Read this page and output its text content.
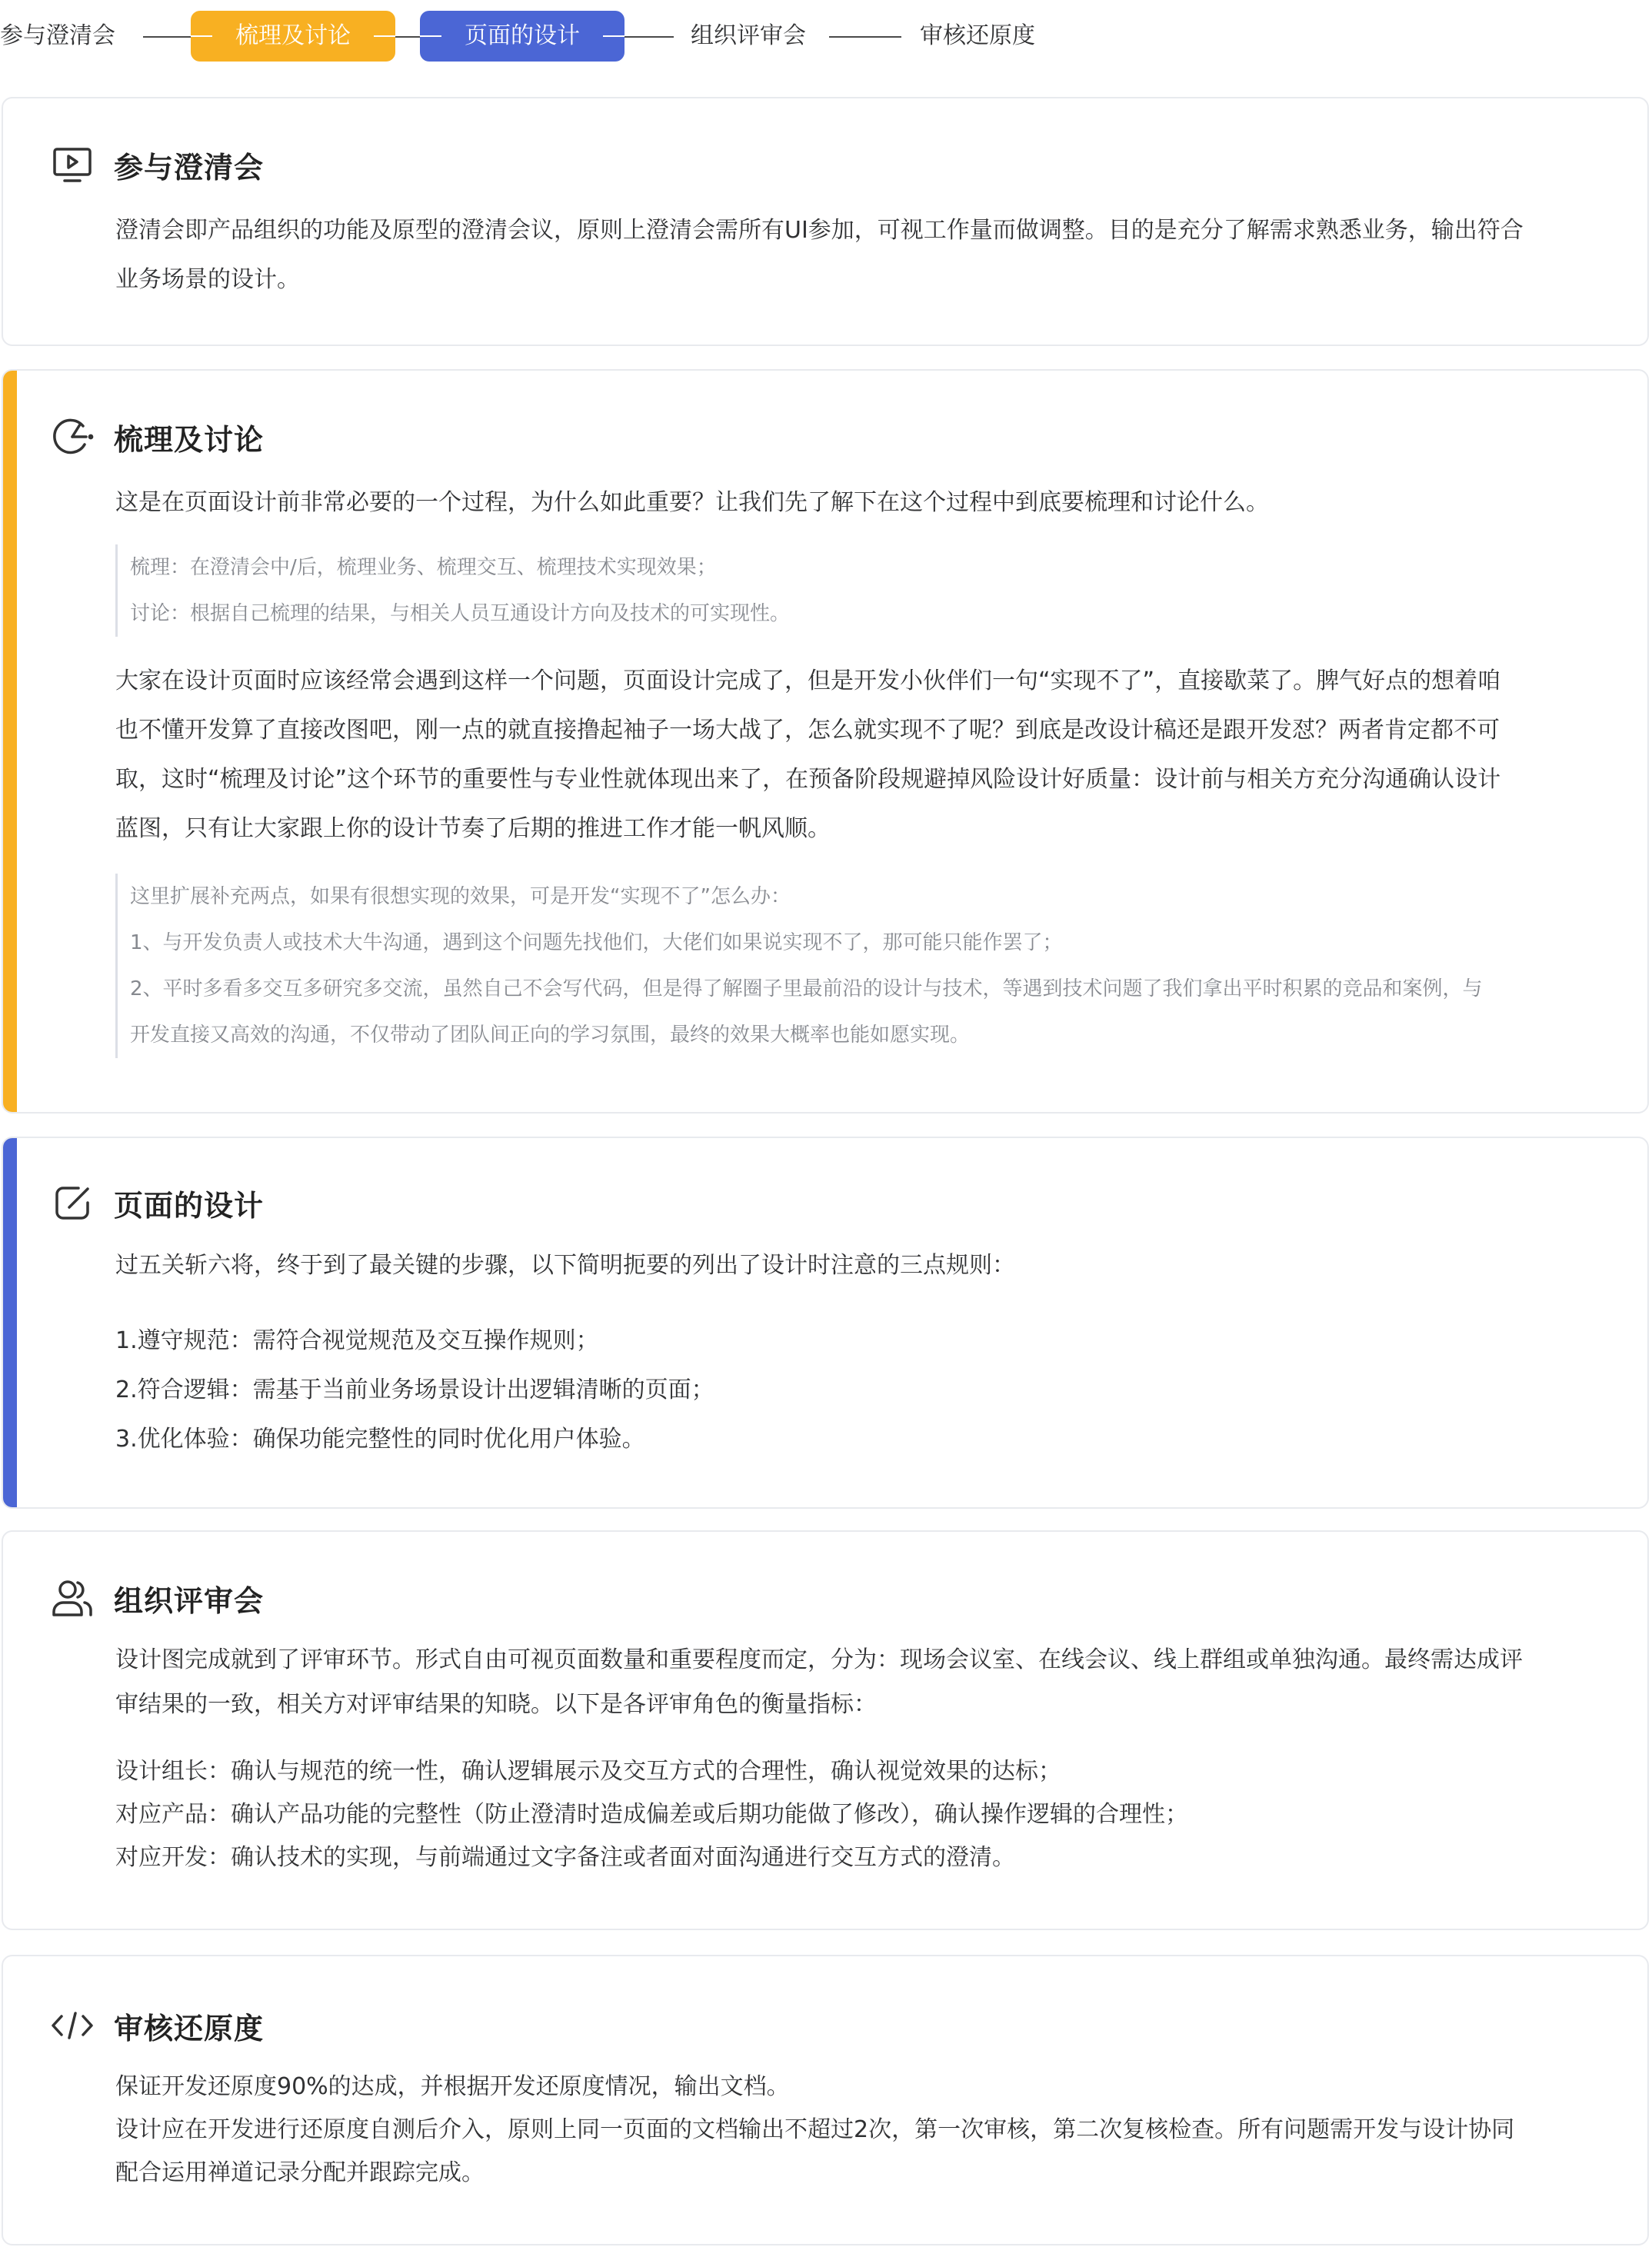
参与澄清会	梳理及讨论	页面的设计	组织评审会	审核还原度
参与澄清会

澄清会即产品组织的功能及原型的澄清会议，原则上澄清会需所有UI参加，可视工作量而做调整。目的是充分了解需求熟悉业务，输出符合

业务场景的设计。

梳理及讨论

这是在页面设计前非常必要的一个过程，为什么如此重要？让我们先了解下在这个过程中到底要梳理和讨论什么。

梳理：在澄清会中/后，梳理业务、梳理交互、梳理技术实现效果；

讨论：根据自己梳理的结果，与相关人员互通设计方向及技术的可实现性。

大家在设计页面时应该经常会遇到这样一个问题，页面设计完成了，但是开发小伙伴们一句“实现不了”，直接歇菜了。脾气好点的想着咱

也不懂开发算了直接改图吧，刚一点的就直接撸起袖子一场大战了，怎么就实现不了呢？到底是改设计稿还是跟开发怼？两者肯定都不可

取，这时“梳理及讨论”这个环节的重要性与专业性就体现出来了，在预备阶段规避掉风险设计好质量：设计前与相关方充分沟通确认设计

蓝图，只有让大家跟上你的设计节奏了后期的推进工作才能一帆风顺。

这里扩展补充两点，如果有很想实现的效果，可是开发“实现不了”怎么办：

1、与开发负责人或技术大牛沟通，遇到这个问题先找他们，大佬们如果说实现不了，那可能只能作罢了；

2、平时多看多交互多研究多交流，虽然自己不会写代码，但是得了解圈子里最前沿的设计与技术，等遇到技术问题了我们拿出平时积累的竞品和案例，与

开发直接又高效的沟通，不仅带动了团队间正向的学习氛围，最终的效果大概率也能如愿实现。

页面的设计

过五关斩六将，终于到了最关键的步骤，以下简明扼要的列出了设计时注意的三点规则：

1.遵守规范：需符合视觉规范及交互操作规则；

2.符合逻辑：需基于当前业务场景设计出逻辑清晰的页面；

3.优化体验：确保功能完整性的同时优化用户体验。

组织评审会

设计图完成就到了评审环节。形式自由可视页面数量和重要程度而定，分为：现场会议室、在线会议、线上群组或单独沟通。最终需达成评

审结果的一致，相关方对评审结果的知晓。以下是各评审角色的衡量指标：

设计组长：确认与规范的统一性，确认逻辑展示及交互方式的合理性，确认视觉效果的达标；

对应产品：确认产品功能的完整性（防止澄清时造成偏差或后期功能做了修改），确认操作逻辑的合理性；

对应开发：确认技术的实现，与前端通过文字备注或者面对面沟通进行交互方式的澄清。

审核还原度

保证开发还原度90%的达成，并根据开发还原度情况，输出文档。

设计应在开发进行还原度自测后介入，原则上同一页面的文档输出不超过2次，第一次审核，第二次复核检查。所有问题需开发与设计协同

配合运用禅道记录分配并跟踪完成。
